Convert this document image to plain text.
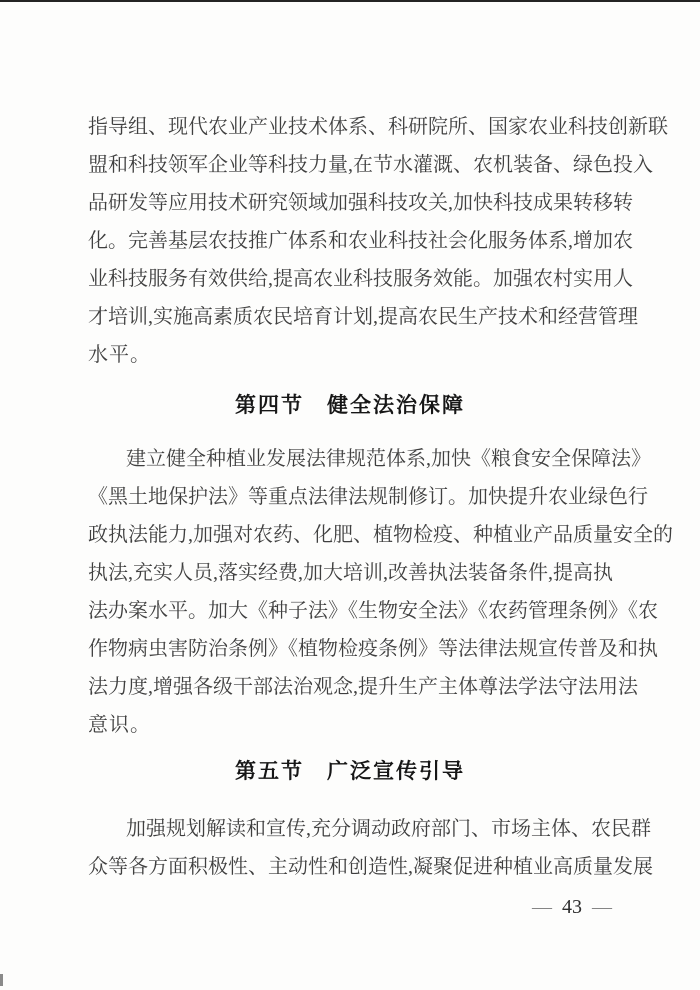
指导组、现代农业产业技术体系、科研院所、国家农业科技创新联
盟和科技领军企业等科技力量,在节水灌溉、农机装备、绿色投入
品研发等应用技术研究领域加强科技攻关,加快科技成果转移转
化。完善基层农技推广体系和农业科技社会化服务体系,增加农
业科技服务有效供给,提高农业科技服务效能。加强农村实用人
才培训,实施高素质农民培育计划,提高农民生产技术和经营管理
水平。
第四节　健全法治保障
建立健全种植业发展法律规范体系,加快《粮食安全保障法》
《黑土地保护法》等重点法律法规制修订。加快提升农业绿色行
政执法能力,加强对农药、化肥、植物检疫、种植业产品质量安全的
执法,充实人员,落实经费,加大培训,改善执法装备条件,提高执
法办案水平。加大《种子法》《生物安全法》《农药管理条例》《农
作物病虫害防治条例》《植物检疫条例》等法律法规宣传普及和执
法力度,增强各级干部法治观念,提升生产主体尊法学法守法用法
意识。
第五节　广泛宣传引导
加强规划解读和宣传,充分调动政府部门、市场主体、农民群
众等各方面积极性、主动性和创造性,凝聚促进种植业高质量发展
— 43 —
